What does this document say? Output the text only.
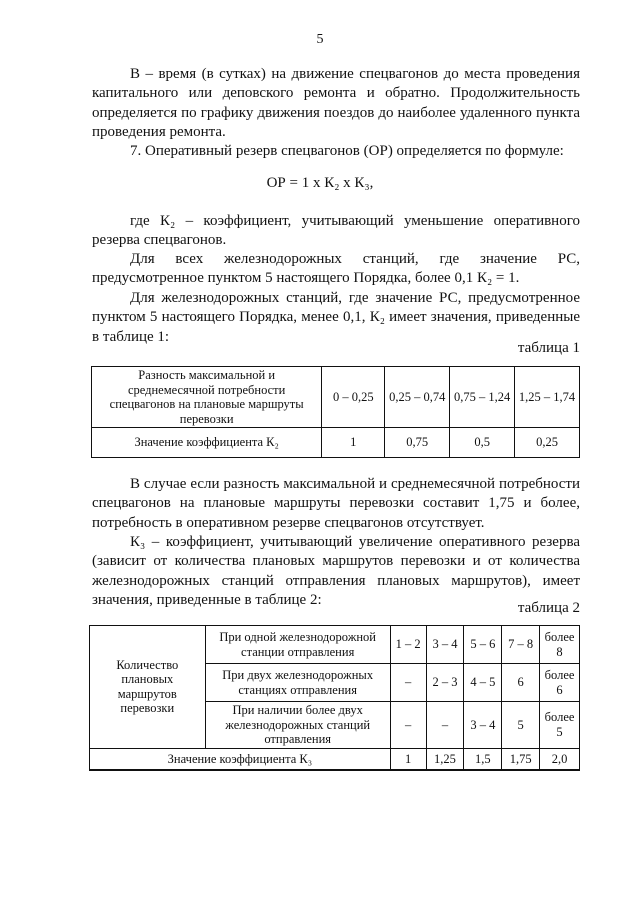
5

В – время (в сутках) на движение спецвагонов до места проведения капитального или деповского ремонта и обратно. Продолжительность определяется по графику движения поездов до наиболее удаленного пункта проведения ремонта.

7. Оперативный резерв спецвагонов (ОР) определяется по формуле:

ОР = 1 х К₂ х К₃,

где К₂ – коэффициент, учитывающий уменьшение оперативного резерва спецвагонов.

Для всех железнодорожных станций, где значение РС, предусмотренное пунктом 5 настоящего Порядка, более 0,1 К₂ = 1.

Для железнодорожных станций, где значение РС, предусмотренное пунктом 5 настоящего Порядка, менее 0,1, К₂ имеет значения, приведенные в таблице 1:

таблица 1
Разность максимальной и среднемесячной потребности спецвагонов на плановые маршруты перевозки	0 – 0,25	0,25 – 0,74	0,75 – 1,24	1,25 – 1,74
Значение коэффициента К₂	1	0,75	0,5	0,25

В случае если разность максимальной и среднемесячной потребности спецвагонов на плановые маршруты перевозки составит 1,75 и более, потребность в оперативном резерве спецвагонов отсутствует.

К₃ – коэффициент, учитывающий увеличение оперативного резерва (зависит от количества плановых маршрутов перевозки и от количества железнодорожных станций отправления плановых маршрутов), имеет значения, приведенные в таблице 2:

таблица 2
Количество плановых маршрутов перевозки	При одной железнодорожной станции отправления	1 – 2	3 – 4	5 – 6	7 – 8	более 8
	При двух железнодорожных станциях отправления	–	2 – 3	4 – 5	6	более 6
	При наличии более двух железнодорожных станций отправления	–	–	3 – 4	5	более 5
Значение коэффициента К₃		1	1,25	1,5	1,75	2,0
